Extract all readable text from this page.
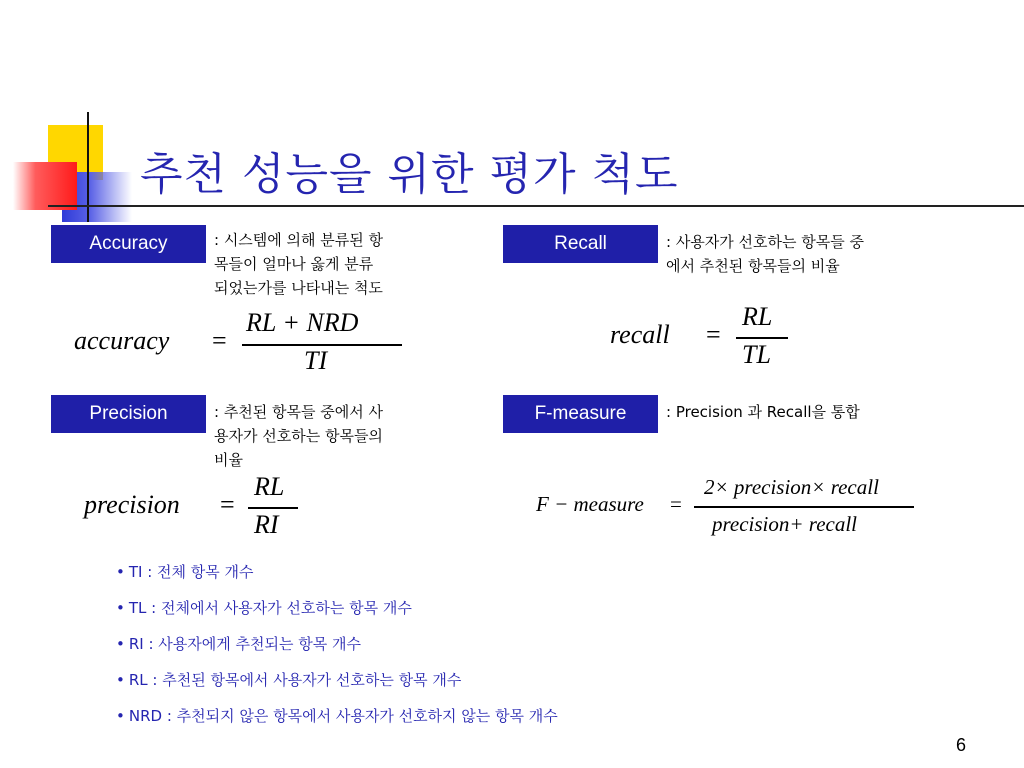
추천 성능을 위한 평가 척도
Accuracy	: 시스템에 의해 분류된 항
목들이 얼마나 옳게 분류
되었는가를 나타내는 척도
accuracy =
RL + NRD
TI
Recall	: 사용자가 선호하는 항목들 중
에서 추천된 항목들의 비율
recall =
RL
TL
Precision	: 추천된 항목들 중에서 사
용자가 선호하는 항목들의
비율
precision =
RL
RI
F-measure	: Precision 과 Recall을 통합
F − measure =
2× precision× recall
precision+ recall
• TI : 전체 항목 개수
• TL : 전체에서 사용자가 선호하는 항목 개수
• RI : 사용자에게 추천되는 항목 개수
• RL : 추천된 항목에서 사용자가 선호하는 항목 개수
• NRD : 추천되지 않은 항목에서 사용자가 선호하지 않는 항목 개수
6
